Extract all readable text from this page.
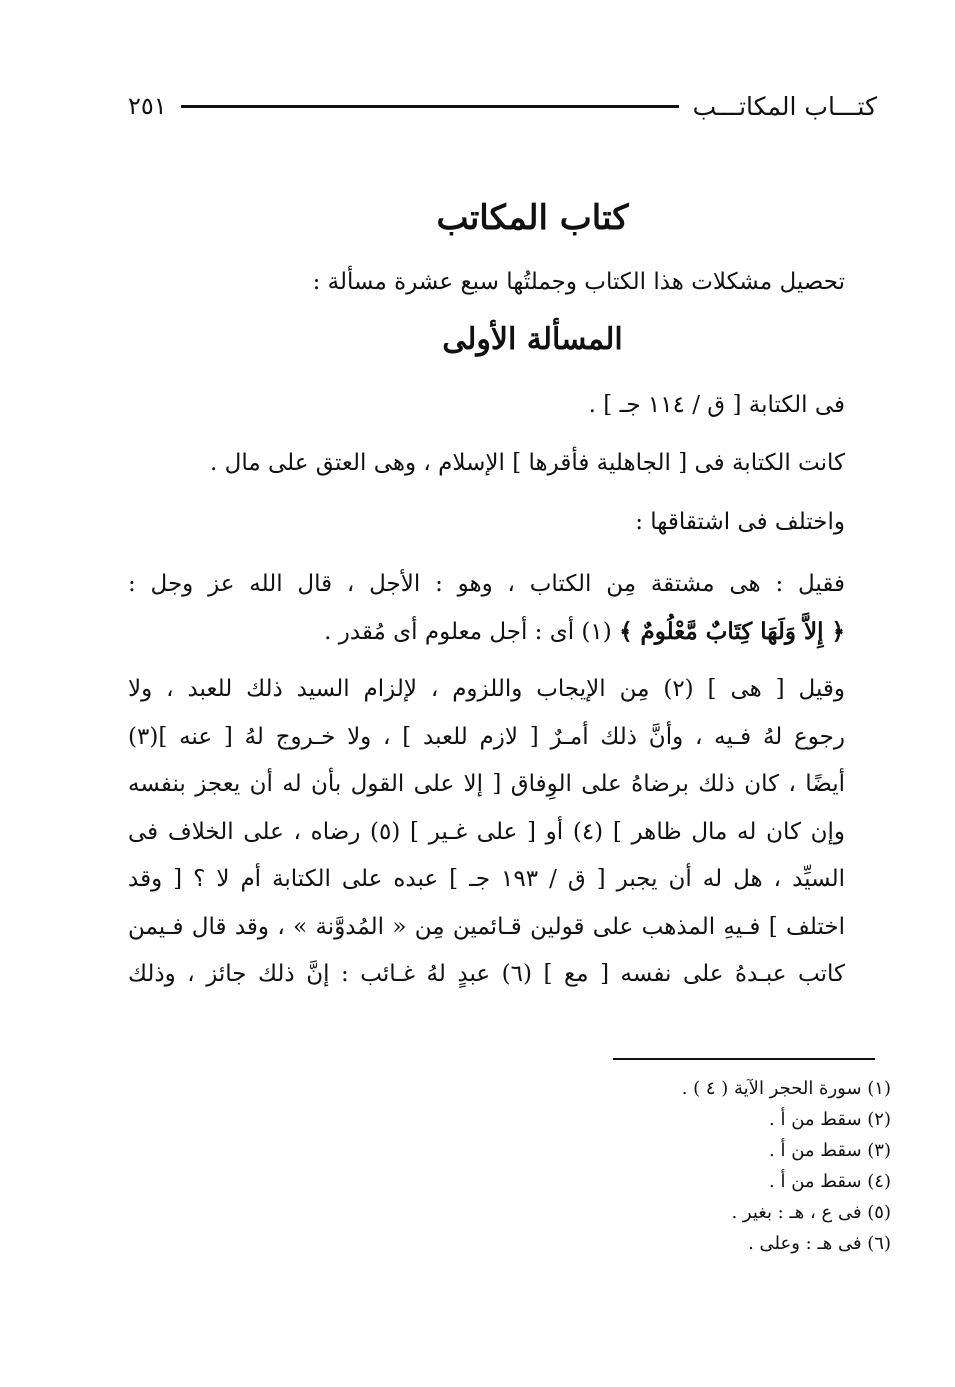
كتـــاب المكاتـــب
٢٥١
كتاب المكاتب
تحصيل مشكلات هذا الكتاب وجملتُها سبع عشرة مسألة :
المسألة الأولى
فى الكتابة [ ق / ١١٤ جـ ] .
كانت الكتابة فى [ الجاهلية فأقرها ] الإسلام ، وهى العتق على مال .
واختلف فى اشتقاقها :
فقيل : هى مشتقة مِن الكتاب ، وهو : الأجل ، قال الله عز وجل :
﴿ إِلاَّ وَلَهَا كِتَابٌ مَّعْلُومٌ ﴾ (١) أى : أجل معلوم أى مُقدر .
وقيل [ هى ] (٢) مِن الإيجاب واللزوم ، لإلزام السيد ذلك للعبد ، ولا
رجوع لهُ فـيه ، وأنَّ ذلك أمـرٌ [ لازم للعبد ] ، ولا خـروج لهُ [ عنه ](٣)
أيضًا ، كان ذلك برضاهُ على الوِفاق [ إلا على القول بأن له أن يعجز بنفسه
وإن كان له مال ظاهر ] (٤) أو [ على غـير ] (٥) رضاه ، على الخلاف فى
السيِّد ، هل له أن يجبر [ ق / ١٩٣ جـ ] عبده على الكتابة أم لا ؟ [ وقد
اختلف ] فـيهِ المذهب على قولين قـائمين مِن « المُدوَّنة » ، وقد قال فـيمن
كاتب عبـدهُ على نفسه [ مع ] (٦) عبدٍ لهُ غـائب : إنَّ ذلك جائز ، وذلك
(١) سورة الحجر الآية ( ٤ ) .
(٢) سقط من أ .
(٣) سقط من أ .
(٤) سقط من أ .
(٥) فى ع ، هـ : بغير .
(٦) فى هـ : وعلى .
